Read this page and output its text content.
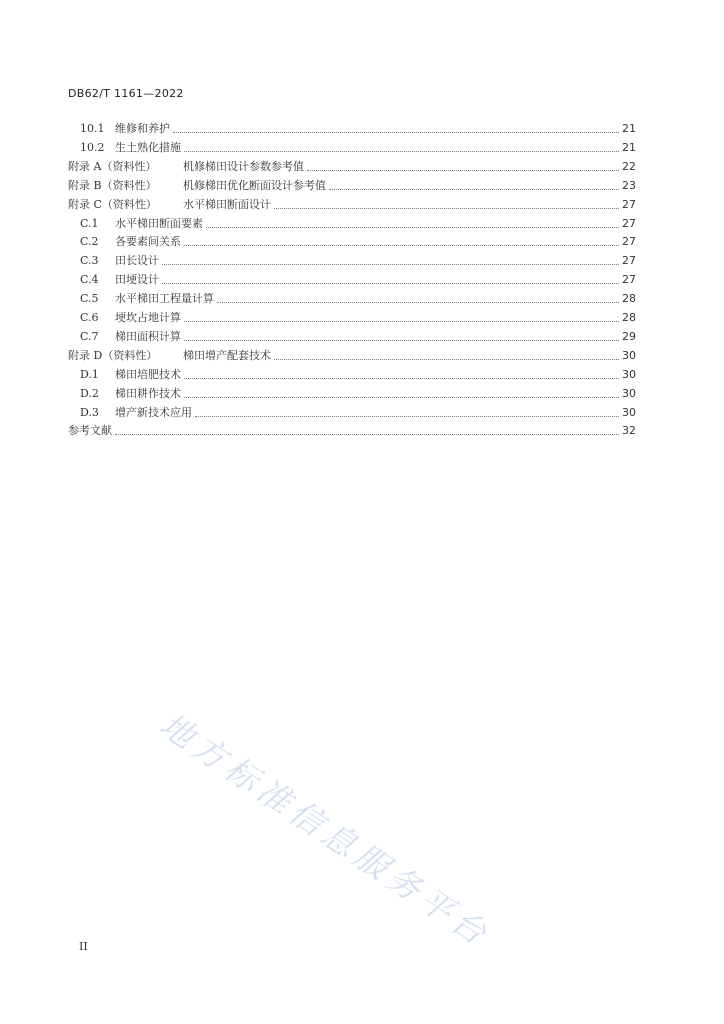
DB62/T 1161—2022
10.1 维修和养护	21
10.2 生土熟化措施	21
附录 A（资料性）	机修梯田设计参数参考值	22
附录 B（资料性）	机修梯田优化断面设计参考值	23
附录 C（资料性）	水平梯田断面设计	27
C.1	水平梯田断面要素	27
C.2	各要素间关系	27
C.3	田长设计	27
C.4	田埂设计	27
C.5	水平梯田工程量计算	28
C.6	埂坎占地计算	28
C.7	梯田面积计算	29
附录 D（资料性）	梯田增产配套技术	30
D.1	梯田培肥技术	30
D.2	梯田耕作技术	30
D.3	增产新技术应用	30
参考文献	32
地方标准信息服务平台
II
